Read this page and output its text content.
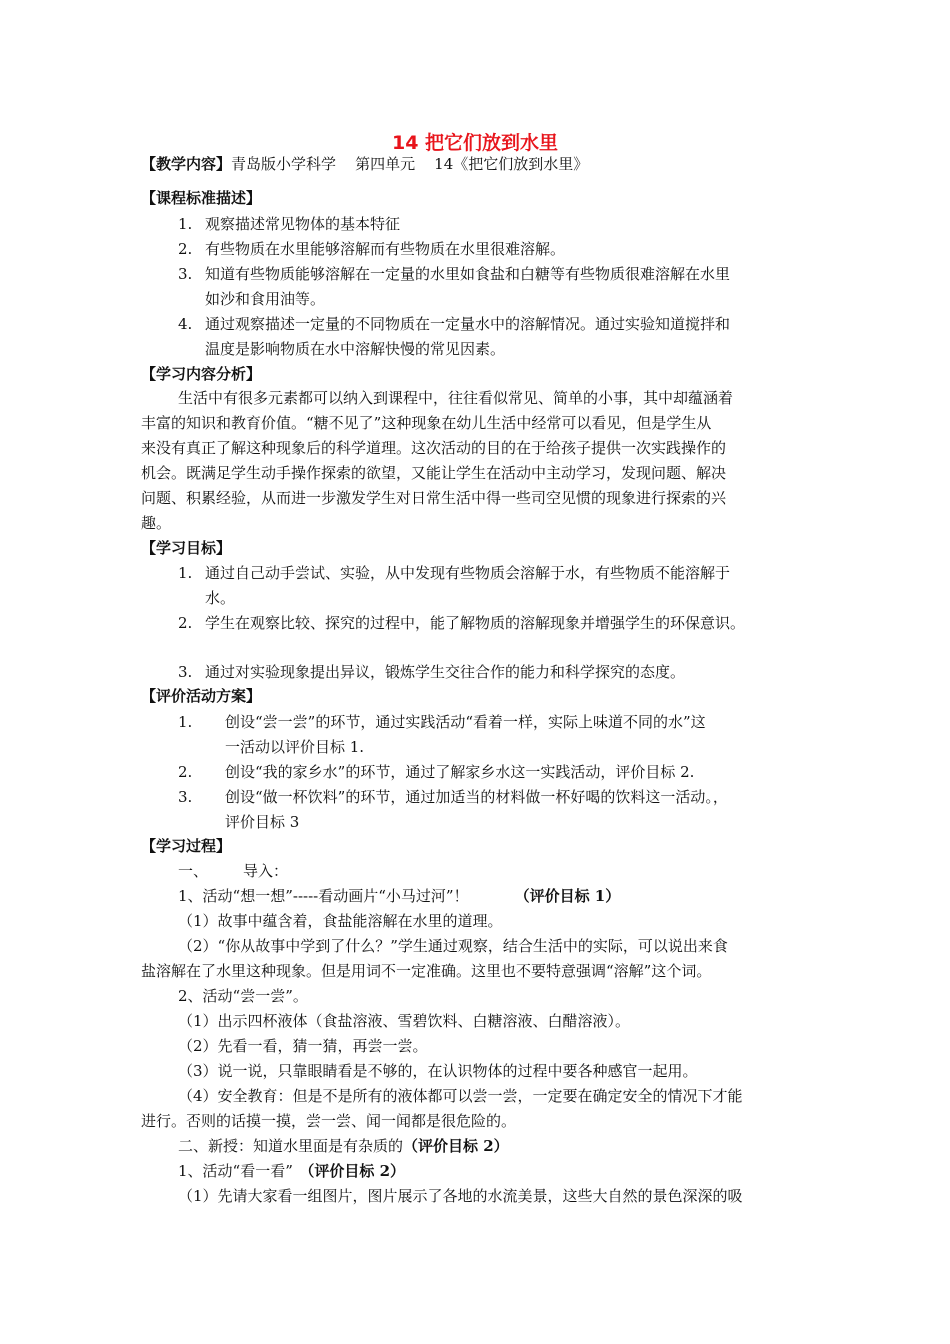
14 把它们放到水里
【教学内容】青岛版小学科学    第四单元    14《把它们放到水里》
【课程标准描述】
1. 观察描述常见物体的基本特征
2. 有些物质在水里能够溶解而有些物质在水里很难溶解。
3. 知道有些物质能够溶解在一定量的水里如食盐和白糖等有些物质很难溶解在水里
如沙和食用油等。
4. 通过观察描述一定量的不同物质在一定量水中的溶解情况。通过实验知道搅拌和
温度是影响物质在水中溶解快慢的常见因素。
【学习内容分析】
生活中有很多元素都可以纳入到课程中，往往看似常见、简单的小事，其中却蕴涵着
丰富的知识和教育价值。“糖不见了”这种现象在幼儿生活中经常可以看见，但是学生从
来没有真正了解这种现象后的科学道理。这次活动的目的在于给孩子提供一次实践操作的
机会。既满足学生动手操作探索的欲望，又能让学生在活动中主动学习，发现问题、解决
问题、积累经验，从而进一步激发学生对日常生活中得一些司空见惯的现象进行探索的兴
趣。
【学习目标】
1. 通过自己动手尝试、实验，从中发现有些物质会溶解于水，有些物质不能溶解于
水。
2. 学生在观察比较、探究的过程中，能了解物质的溶解现象并增强学生的环保意识。
3. 通过对实验现象提出异议，锻炼学生交往合作的能力和科学探究的态度。
【评价活动方案】
1. 创设“尝一尝”的环节，通过实践活动“看着一样，实际上味道不同的水”这
一活动以评价目标 1.
2. 创设“我的家乡水”的环节，通过了解家乡水这一实践活动，评价目标 2.
3. 创设“做一杯饮料”的环节，通过加适当的材料做一杯好喝的饮料这一活动。，
评价目标 3
【学习过程】
一、 导入：
1、活动“想一想”-----看动画片“小马过河”！	（评价目标 1）
（1）故事中蕴含着，食盐能溶解在水里的道理。
（2）“你从故事中学到了什么？”学生通过观察，结合生活中的实际，可以说出来食
盐溶解在了水里这种现象。但是用词不一定准确。这里也不要特意强调“溶解”这个词。
2、活动“尝一尝”。
（1）出示四杯液体（食盐溶液、雪碧饮料、白糖溶液、白醋溶液）。
（2）先看一看，猜一猜，再尝一尝。
（3）说一说，只靠眼睛看是不够的，在认识物体的过程中要各种感官一起用。
（4）安全教育：但是不是所有的液体都可以尝一尝，一定要在确定安全的情况下才能
进行。否则的话摸一摸，尝一尝、闻一闻都是很危险的。
二、新授：知道水里面是有杂质的（评价目标 2）
1、活动“看一看” （评价目标 2）
（1）先请大家看一组图片，图片展示了各地的水流美景，这些大自然的景色深深的吸
